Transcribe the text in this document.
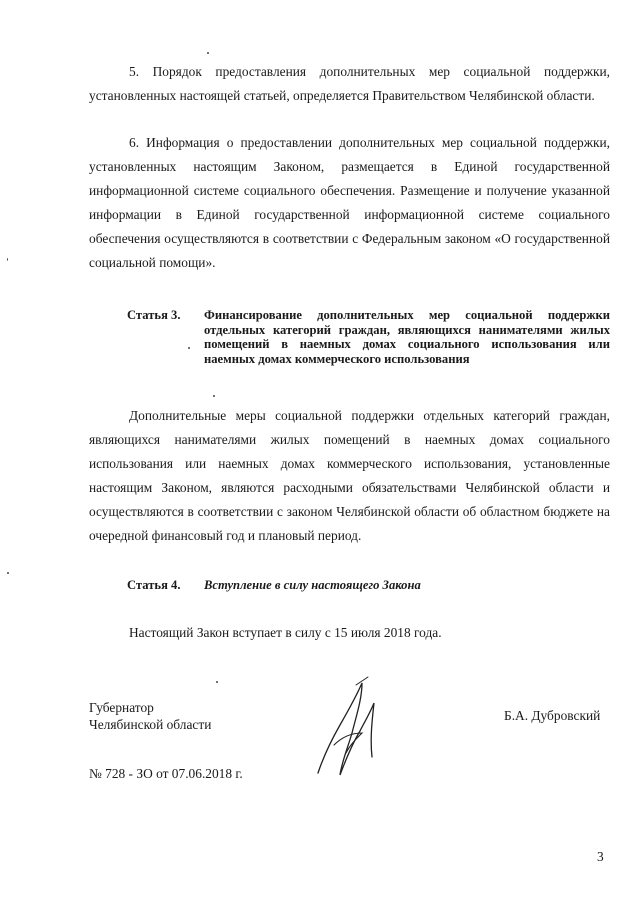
5. Порядок предоставления дополнительных мер социальной поддержки, установленных настоящей статьей, определяется Правительством Челябинской области.

6. Информация о предоставлении дополнительных мер социальной поддержки, установленных настоящим Законом, размещается в Единой государственной информационной системе социального обеспечения. Размещение и получение указанной информации в Единой государственной информационной системе социального обеспечения осуществляются в соответствии с Федеральным законом «О государственной социальной помощи».

Статья 3. Финансирование дополнительных мер социальной поддержки отдельных категорий граждан, являющихся нанимателями жилых помещений в наемных домах социального использования или наемных домах коммерческого использования

Дополнительные меры социальной поддержки отдельных категорий граждан, являющихся нанимателями жилых помещений в наемных домах социального использования или наемных домах коммерческого использования, установленные настоящим Законом, являются расходными обязательствами Челябинской области и осуществляются в соответствии с законом Челябинской области об областном бюджете на очередной финансовый год и плановый период.

Статья 4. Вступление в силу настоящего Закона

Настоящий Закон вступает в силу с 15 июля 2018 года.

Губернатор
Челябинской области
Б.А. Дубровский
№ 728 - ЗО от 07.06.2018 г.
3
